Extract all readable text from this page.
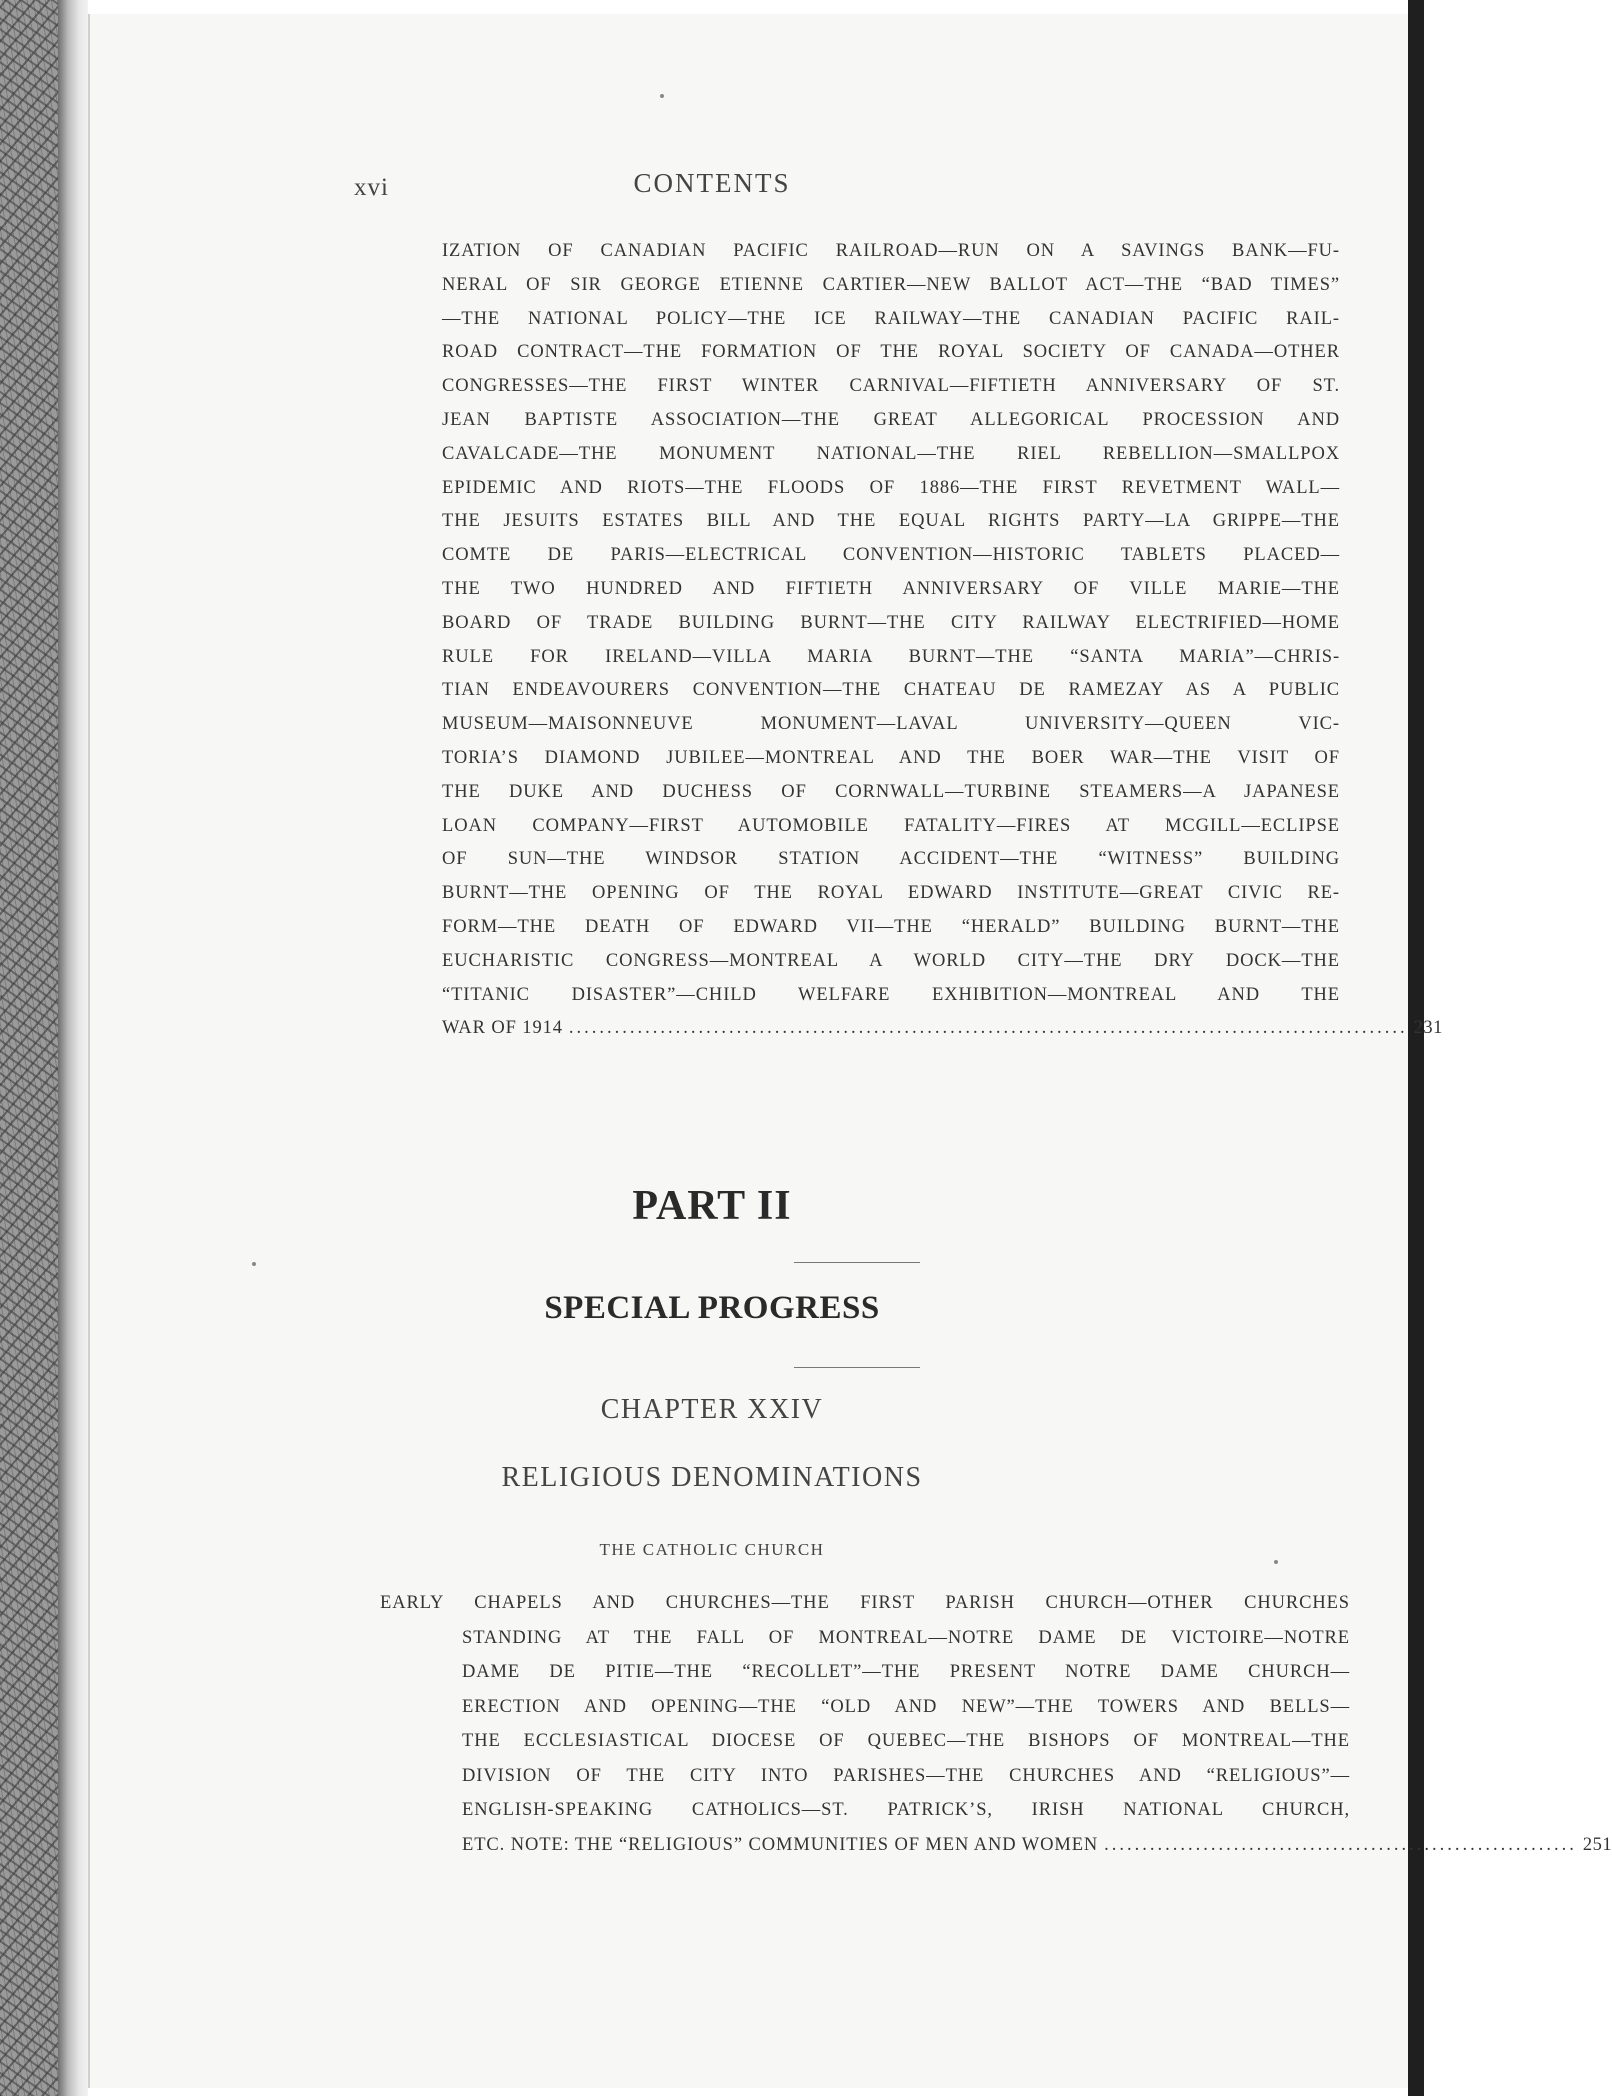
xvi	CONTENTS
IZATION OF CANADIAN PACIFIC RAILROAD—RUN ON A SAVINGS BANK—FU-
NERAL OF SIR GEORGE ETIENNE CARTIER—NEW BALLOT ACT—THE “BAD TIMES”
—THE NATIONAL POLICY—THE ICE RAILWAY—THE CANADIAN PACIFIC RAIL-
ROAD CONTRACT—THE FORMATION OF THE ROYAL SOCIETY OF CANADA—OTHER
CONGRESSES—THE FIRST WINTER CARNIVAL—FIFTIETH ANNIVERSARY OF ST.
JEAN BAPTISTE ASSOCIATION—THE GREAT ALLEGORICAL PROCESSION AND
CAVALCADE—THE MONUMENT NATIONAL—THE RIEL REBELLION—SMALLPOX
EPIDEMIC AND RIOTS—THE FLOODS OF 1886—THE FIRST REVETMENT WALL—
THE JESUITS ESTATES BILL AND THE EQUAL RIGHTS PARTY—LA GRIPPE—THE
COMTE DE PARIS—ELECTRICAL CONVENTION—HISTORIC TABLETS PLACED—
THE TWO HUNDRED AND FIFTIETH ANNIVERSARY OF VILLE MARIE—THE
BOARD OF TRADE BUILDING BURNT—THE CITY RAILWAY ELECTRIFIED—HOME
RULE FOR IRELAND—VILLA MARIA BURNT—THE “SANTA MARIA”—CHRIS-
TIAN ENDEAVOURERS CONVENTION—THE CHATEAU DE RAMEZAY AS A PUBLIC
MUSEUM—MAISONNEUVE MONUMENT—LAVAL UNIVERSITY—QUEEN VIC-
TORIA’S DIAMOND JUBILEE—MONTREAL AND THE BOER WAR—THE VISIT OF
THE DUKE AND DUCHESS OF CORNWALL—TURBINE STEAMERS—A JAPANESE
LOAN COMPANY—FIRST AUTOMOBILE FATALITY—FIRES AT MCGILL—ECLIPSE
OF SUN—THE WINDSOR STATION ACCIDENT—THE “WITNESS” BUILDING
BURNT—THE OPENING OF THE ROYAL EDWARD INSTITUTE—GREAT CIVIC RE-
FORM—THE DEATH OF EDWARD VII—THE “HERALD” BUILDING BURNT—THE
EUCHARISTIC CONGRESS—MONTREAL A WORLD CITY—THE DRY DOCK—THE
“TITANIC DISASTER”—CHILD WELFARE EXHIBITION—MONTREAL AND THE
WAR OF 1914 .............................................................................................................. 231
PART II
SPECIAL PROGRESS
CHAPTER XXIV
RELIGIOUS DENOMINATIONS
THE CATHOLIC CHURCH
EARLY CHAPELS AND CHURCHES—THE FIRST PARISH CHURCH—OTHER CHURCHES
STANDING AT THE FALL OF MONTREAL—NOTRE DAME DE VICTOIRE—NOTRE
DAME DE PITIE—THE “RECOLLET”—THE PRESENT NOTRE DAME CHURCH—
ERECTION AND OPENING—THE “OLD AND NEW”—THE TOWERS AND BELLS—
THE ECCLESIASTICAL DIOCESE OF QUEBEC—THE BISHOPS OF MONTREAL—THE
DIVISION OF THE CITY INTO PARISHES—THE CHURCHES AND “RELIGIOUS”—
ENGLISH-SPEAKING CATHOLICS—ST. PATRICK’S, IRISH NATIONAL CHURCH,
ETC. NOTE: THE “RELIGIOUS” COMMUNITIES OF MEN AND WOMEN .............................................................. 251
